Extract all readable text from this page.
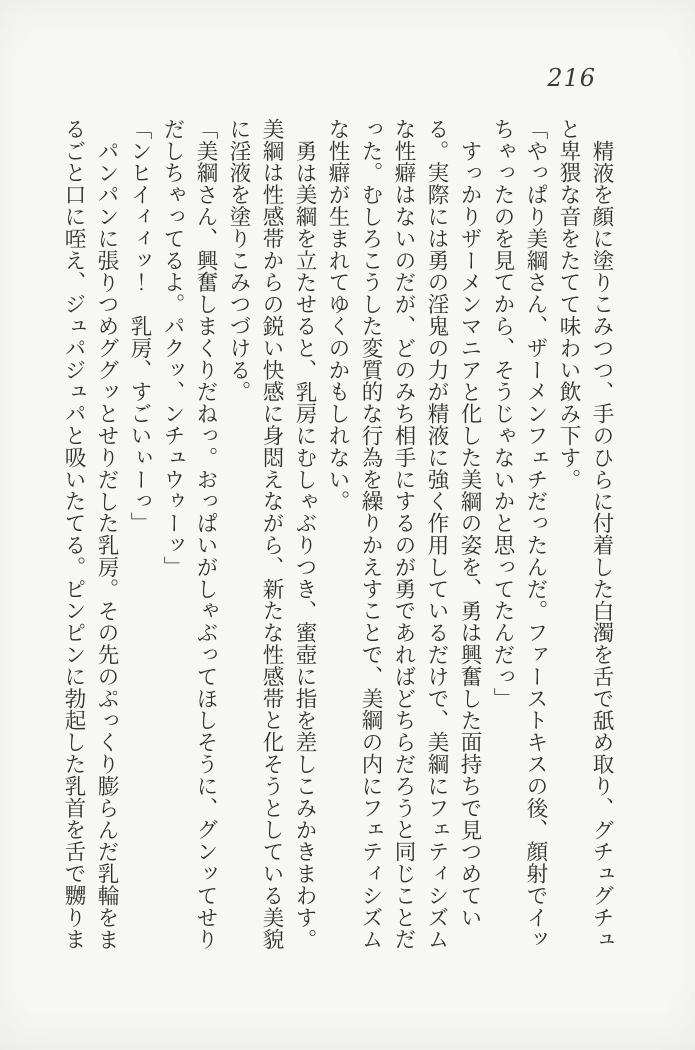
216

精液を顔に塗りこみつつ、手のひらに付着した白濁を舌で舐め取り、グチュグチュと卑猥な音をたてて味わい飲み下す。

「やっぱり美綱さん、ザーメンフェチだったんだ。ファーストキスの後、顔射でイッちゃったのを見てから、そうじゃないかと思ってたんだっ」

すっかりザーメンマニアと化した美綱の姿を、勇は興奮した面持ちで見つめている。実際には勇の淫鬼の力が精液に強く作用しているだけで、美綱にフェティシズムな性癖はないのだが、どのみち相手にするのが勇であればどちらだろうと同じことだった。むしろこうした変質的な行為を繰りかえすことで、美綱の内にフェティシズムな性癖が生まれてゆくのかもしれない。

勇は美綱を立たせると、乳房にむしゃぶりつき、蜜壺に指を差しこみかきまわす。美綱は性感帯からの鋭い快感に身悶えながら、新たな性感帯と化そうとしている美貌に淫液を塗りこみつづける。

「美綱さん、興奮しまくりだねっ。おっぱいがしゃぶってほしそうに、グンッてせりだしちゃってるよ。パクッ、ンチュウゥーッ」

「ンヒイィィッ！　乳房、すごいぃーっ」

パンパンに張りつめググッとせりだした乳房。その先のぷっくり膨らんだ乳輪をまるごと口に咥え、ジュパジュパと吸いたてる。ピンピンに勃起した乳首を舌で嬲りま
